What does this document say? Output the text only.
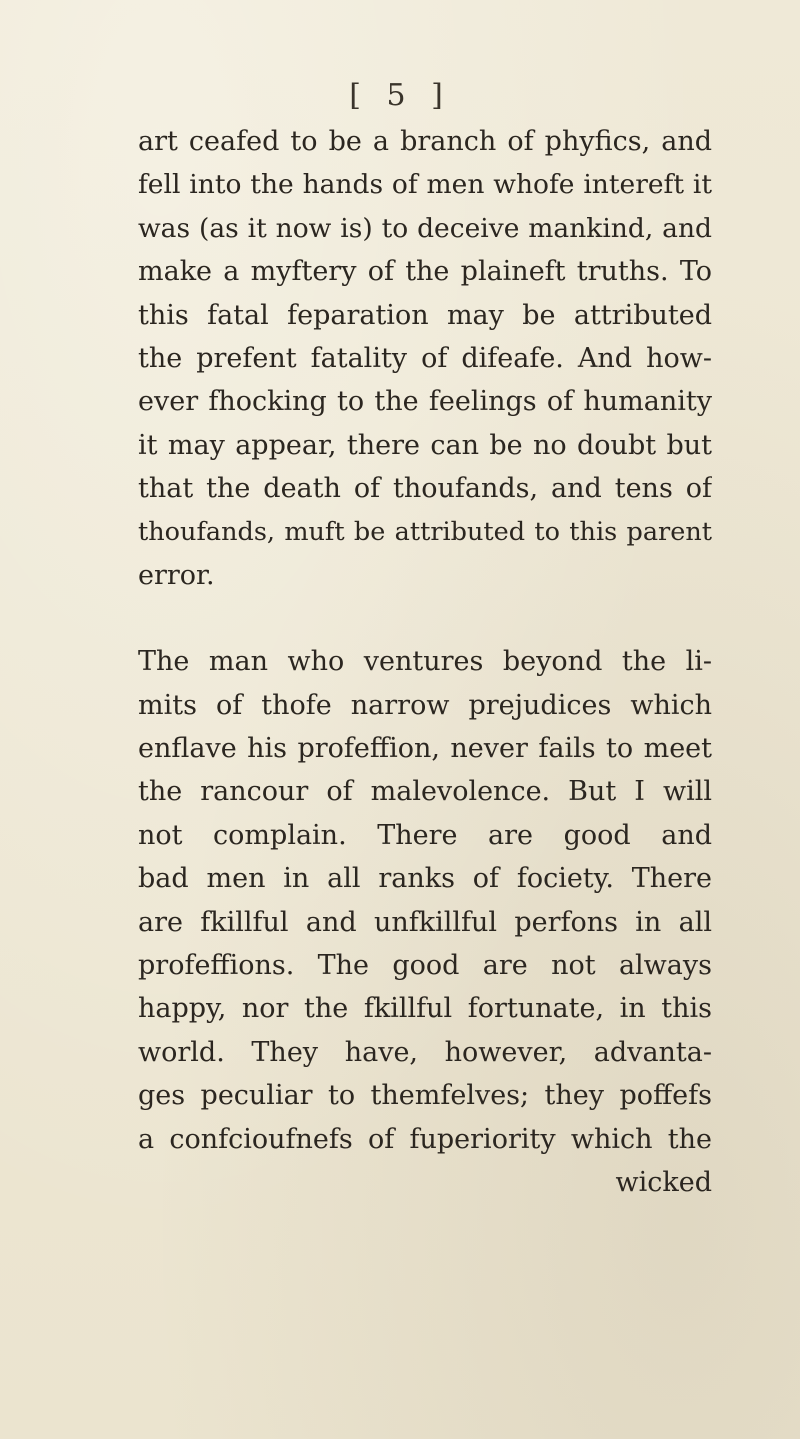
[ 5 ]
art ceafed to be a branch of phyfics, and
fell into the hands of men whofe intereft it
was (as it now is) to deceive mankind, and
make a myftery of the plaineft truths. To
this fatal feparation may be attributed
the prefent fatality of difeafe. And how-
ever fhocking to the feelings of humanity
it may appear, there can be no doubt but
that the death of thoufands, and tens of
thoufands, muft be attributed to this parent
error.
The man who ventures beyond the li-
mits of thofe narrow prejudices which
enflave his profeffion, never fails to meet
the rancour of malevolence. But I will
not complain. There are good and
bad men in all ranks of fociety. There
are fkillful and unfkillful perfons in all
profeffions. The good are not always
happy, nor the fkillful fortunate, in this
world. They have, however, advanta-
ges peculiar to themfelves; they poffefs
a confcioufnefs of fuperiority which the
wicked
